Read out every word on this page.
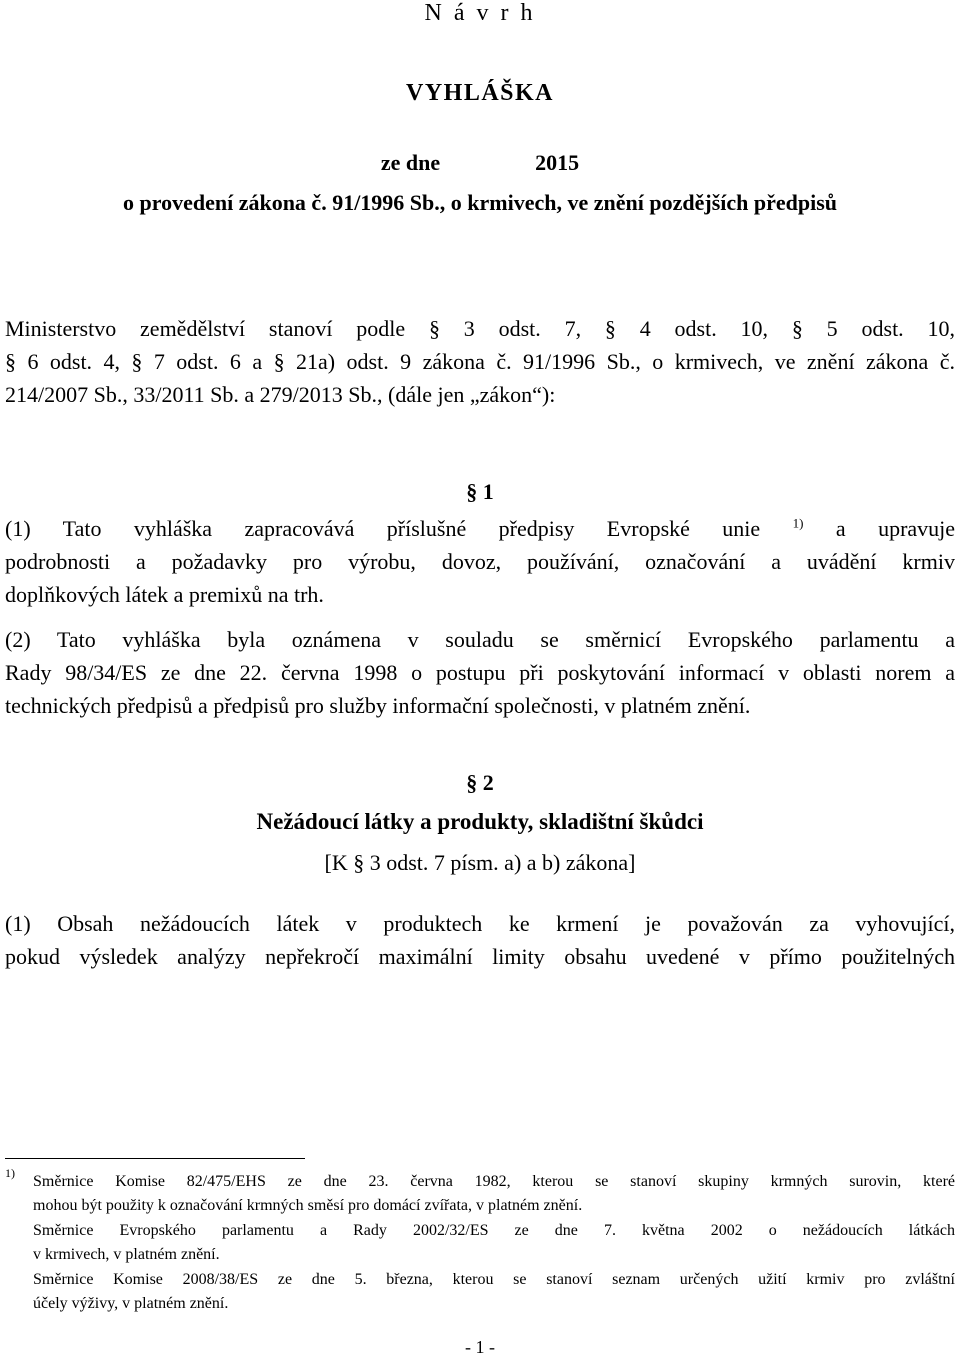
N á v r h
VYHLÁŠKA
ze dne	2015
o provedení zákona č. 91/1996 Sb., o krmivech, ve znění pozdějších předpisů
Ministerstvo zemědělství stanoví podle § 3 odst. 7, § 4 odst. 10, § 5 odst. 10,
§ 6 odst. 4, § 7 odst. 6 a § 21a) odst. 9 zákona č. 91/1996 Sb., o krmivech, ve znění zákona č.
214/2007 Sb., 33/2011 Sb. a 279/2013 Sb., (dále jen „zákon“):
§ 1
(1) Tato vyhláška zapracovává příslušné předpisy Evropské unie $^{1)}$ a upravuje
podrobnosti a požadavky pro výrobu, dovoz, používání, označování a uvádění krmiv
doplňkových látek a premixů na trh.
(2) Tato vyhláška byla oznámena v souladu se směrnicí Evropského parlamentu a
Rady 98/34/ES ze dne 22. června 1998 o postupu při poskytování informací v oblasti norem a
technických předpisů a předpisů pro služby informační společnosti, v platném znění.
§ 2
Nežádoucí látky a produkty, skladištní škůdci
[K § 3 odst. 7 písm. a) a b) zákona]
(1) Obsah nežádoucích látek v produktech ke krmení je považován za vyhovující,
pokud výsledek analýzy nepřekročí maximální limity obsahu uvedené v přímo použitelných
1) Směrnice Komise 82/475/EHS ze dne 23. června 1982, kterou se stanoví skupiny krmných surovin, které
mohou být použity k označování krmných směsí pro domácí zvířata, v platném znění.
Směrnice Evropského parlamentu a Rady 2002/32/ES ze dne 7. května 2002 o nežádoucích látkách
v krmivech, v platném znění.
Směrnice Komise 2008/38/ES ze dne 5. března, kterou se stanoví seznam určených užití krmiv pro zvláštní
účely výživy, v platném znění.
- 1 -
